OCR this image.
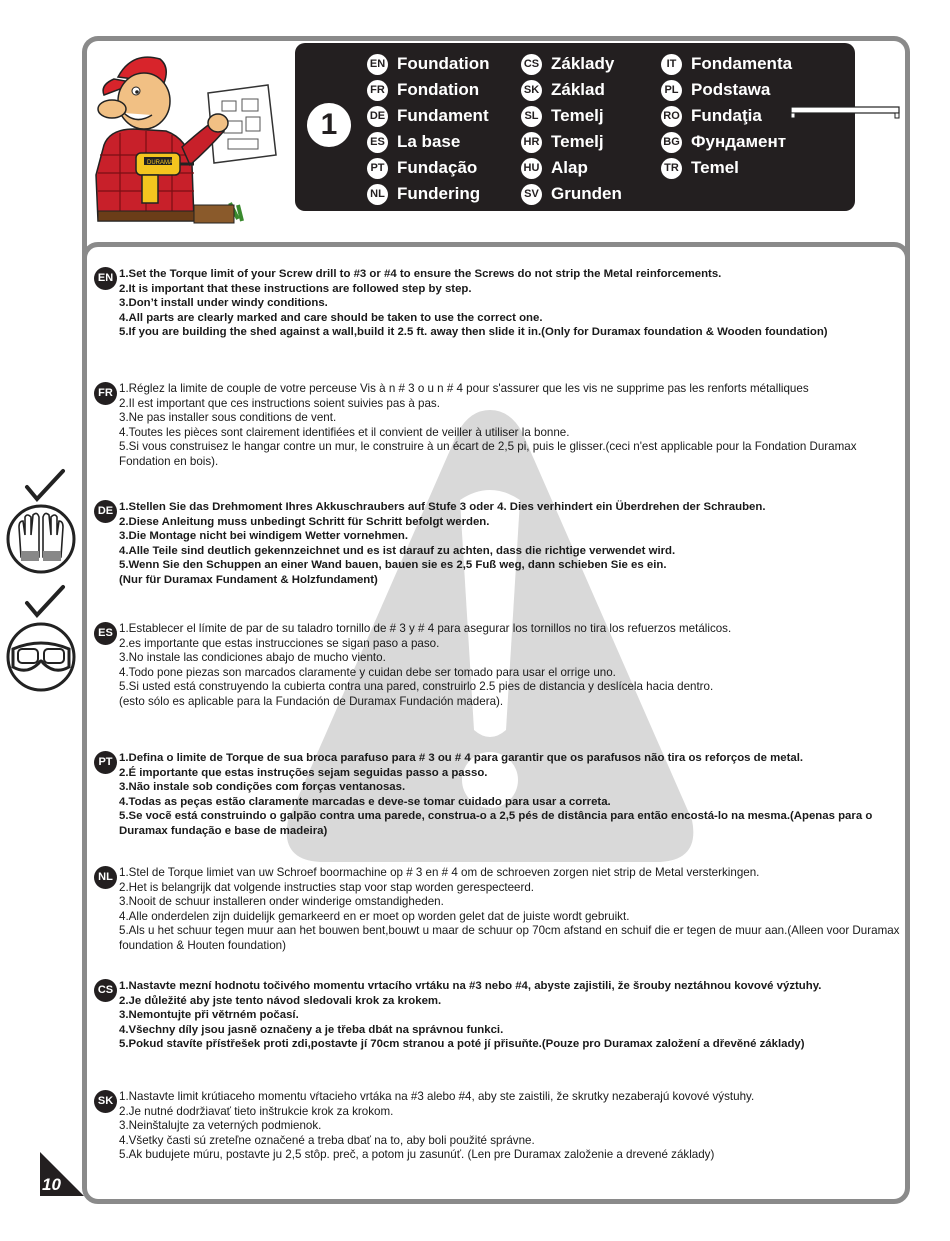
DURAMAX
1
EN Foundation
FR Fondation
DE Fundament
ES La base
PT Fundação
NL Fundering
CS Základy
SK Základ
SL Temelj
HR Temelj
HU Alap
SV Grunden
IT Fondamenta
PL Podstawa
RO Fundaţia
BG Фундамент
TR Temel
EN 1.Set the Torque limit of your Screw drill to #3 or #4 to ensure the Screws do not strip the Metal reinforcements.
2.It is important that these instructions are followed step by step.
3.Don’t install under windy conditions.
4.All parts are clearly marked and care should be taken to use the correct one.
5.If you are building the shed against a wall,build it 2.5 ft. away then slide it in.(Only for Duramax foundation & Wooden foundation)
FR 1.Réglez la limite de couple de votre perceuse Vis à n # 3 o u n # 4 pour s'assurer que les vis ne supprime pas les renforts métalliques
2.Il est important que ces instructions soient suivies pas à pas.
3.Ne pas installer sous conditions de vent.
4.Toutes les pièces sont clairement identifiées et il convient de veiller à utiliser la bonne.
5.Si vous construisez le hangar contre un mur, le construire à un écart de 2,5 pi, puis le glisser.(ceci n'est applicable pour la Fondation Duramax Fondation en bois).
DE 1.Stellen Sie das Drehmoment Ihres Akkuschraubers auf Stufe 3 oder 4. Dies verhindert ein Überdrehen der Schrauben.
2.Diese Anleitung muss unbedingt Schritt für Schritt befolgt werden.
3.Die Montage nicht bei windigem Wetter vornehmen.
4.Alle Teile sind deutlich gekennzeichnet und es ist darauf zu achten, dass die richtige verwendet wird.
5.Wenn Sie den Schuppen an einer Wand bauen, bauen sie es 2,5 Fuß weg, dann schieben Sie es ein.
(Nur für Duramax Fundament & Holzfundament)
ES 1.Establecer el límite de par de su taladro tornillo de # 3 y # 4 para asegurar los tornillos no tira los refuerzos metálicos.
2.es importante que estas instrucciones se sigan paso a paso.
3.No instale las condiciones abajo de mucho viento.
4.Todo pone piezas son marcados claramente y cuidan debe ser tomado para usar el orrige uno.
5.Si usted está construyendo la cubierta contra una pared, construirlo 2.5 pies de distancia y deslícela hacia dentro.
(esto sólo es aplicable para la Fundación de Duramax Fundación madera).
PT 1.Defina o limite de Torque de sua broca parafuso para # 3 ou # 4 para garantir que os parafusos não tira os reforços de metal.
2.É importante que estas instruções sejam seguidas passo a passo.
3.Não instale sob condições com forças ventanosas.
4.Todas as peças estão claramente marcadas e deve-se tomar cuidado para usar a correta.
5.Se vocẽ está construindo o galpão contra uma parede, construa-o a 2,5 pés de distância para então encostá-lo na mesma.(Apenas para o Duramax fundação e base de madeira)
NL 1.Stel de Torque limiet van uw Schroef boormachine op # 3 en # 4 om de schroeven zorgen niet strip de Metal versterkingen.
2.Het is belangrijk dat volgende instructies stap voor stap worden gerespecteerd.
3.Nooit de schuur installeren onder winderige omstandigheden.
4.Alle onderdelen zijn duidelijk gemarkeerd en er moet op worden gelet dat de juiste wordt gebruikt.
5.Als u het schuur tegen muur aan het bouwen bent,bouwt u maar de schuur op 70cm afstand en schuif die er tegen de muur aan.(Alleen voor Duramax foundation & Houten foundation)
CS 1.Nastavte mezní hodnotu točivého momentu vrtacího vrtáku na #3 nebo #4, abyste zajistili, že šrouby neztáhnou kovové výztuhy.
2.Je důležité aby jste tento návod sledovali krok za krokem.
3.Nemontujte při větrném počasí.
4.Všechny díly jsou jasně označeny a je třeba dbát na správnou funkci.
5.Pokud stavíte přístřešek proti zdi,postavte jí 70cm stranou a poté jí přisuňte.(Pouze pro Duramax založení a dřevěné základy)
SK 1.Nastavte limit krútiaceho momentu vŕtacieho vrtáka na #3 alebo #4, aby ste zaistili, že skrutky nezaberajú kovové výstuhy.
2.Je nutné dodržiavať tieto inštrukcie krok za krokom.
3.Neinštalujte za veterných podmienok.
4.Všetky časti sú zreteľne označené a treba dbať na to, aby boli použité správne.
5.Ak budujete múru, postavte ju 2,5 stôp. preč, a potom ju zasunúť. (Len pre Duramax založenie a drevené základy)
10
